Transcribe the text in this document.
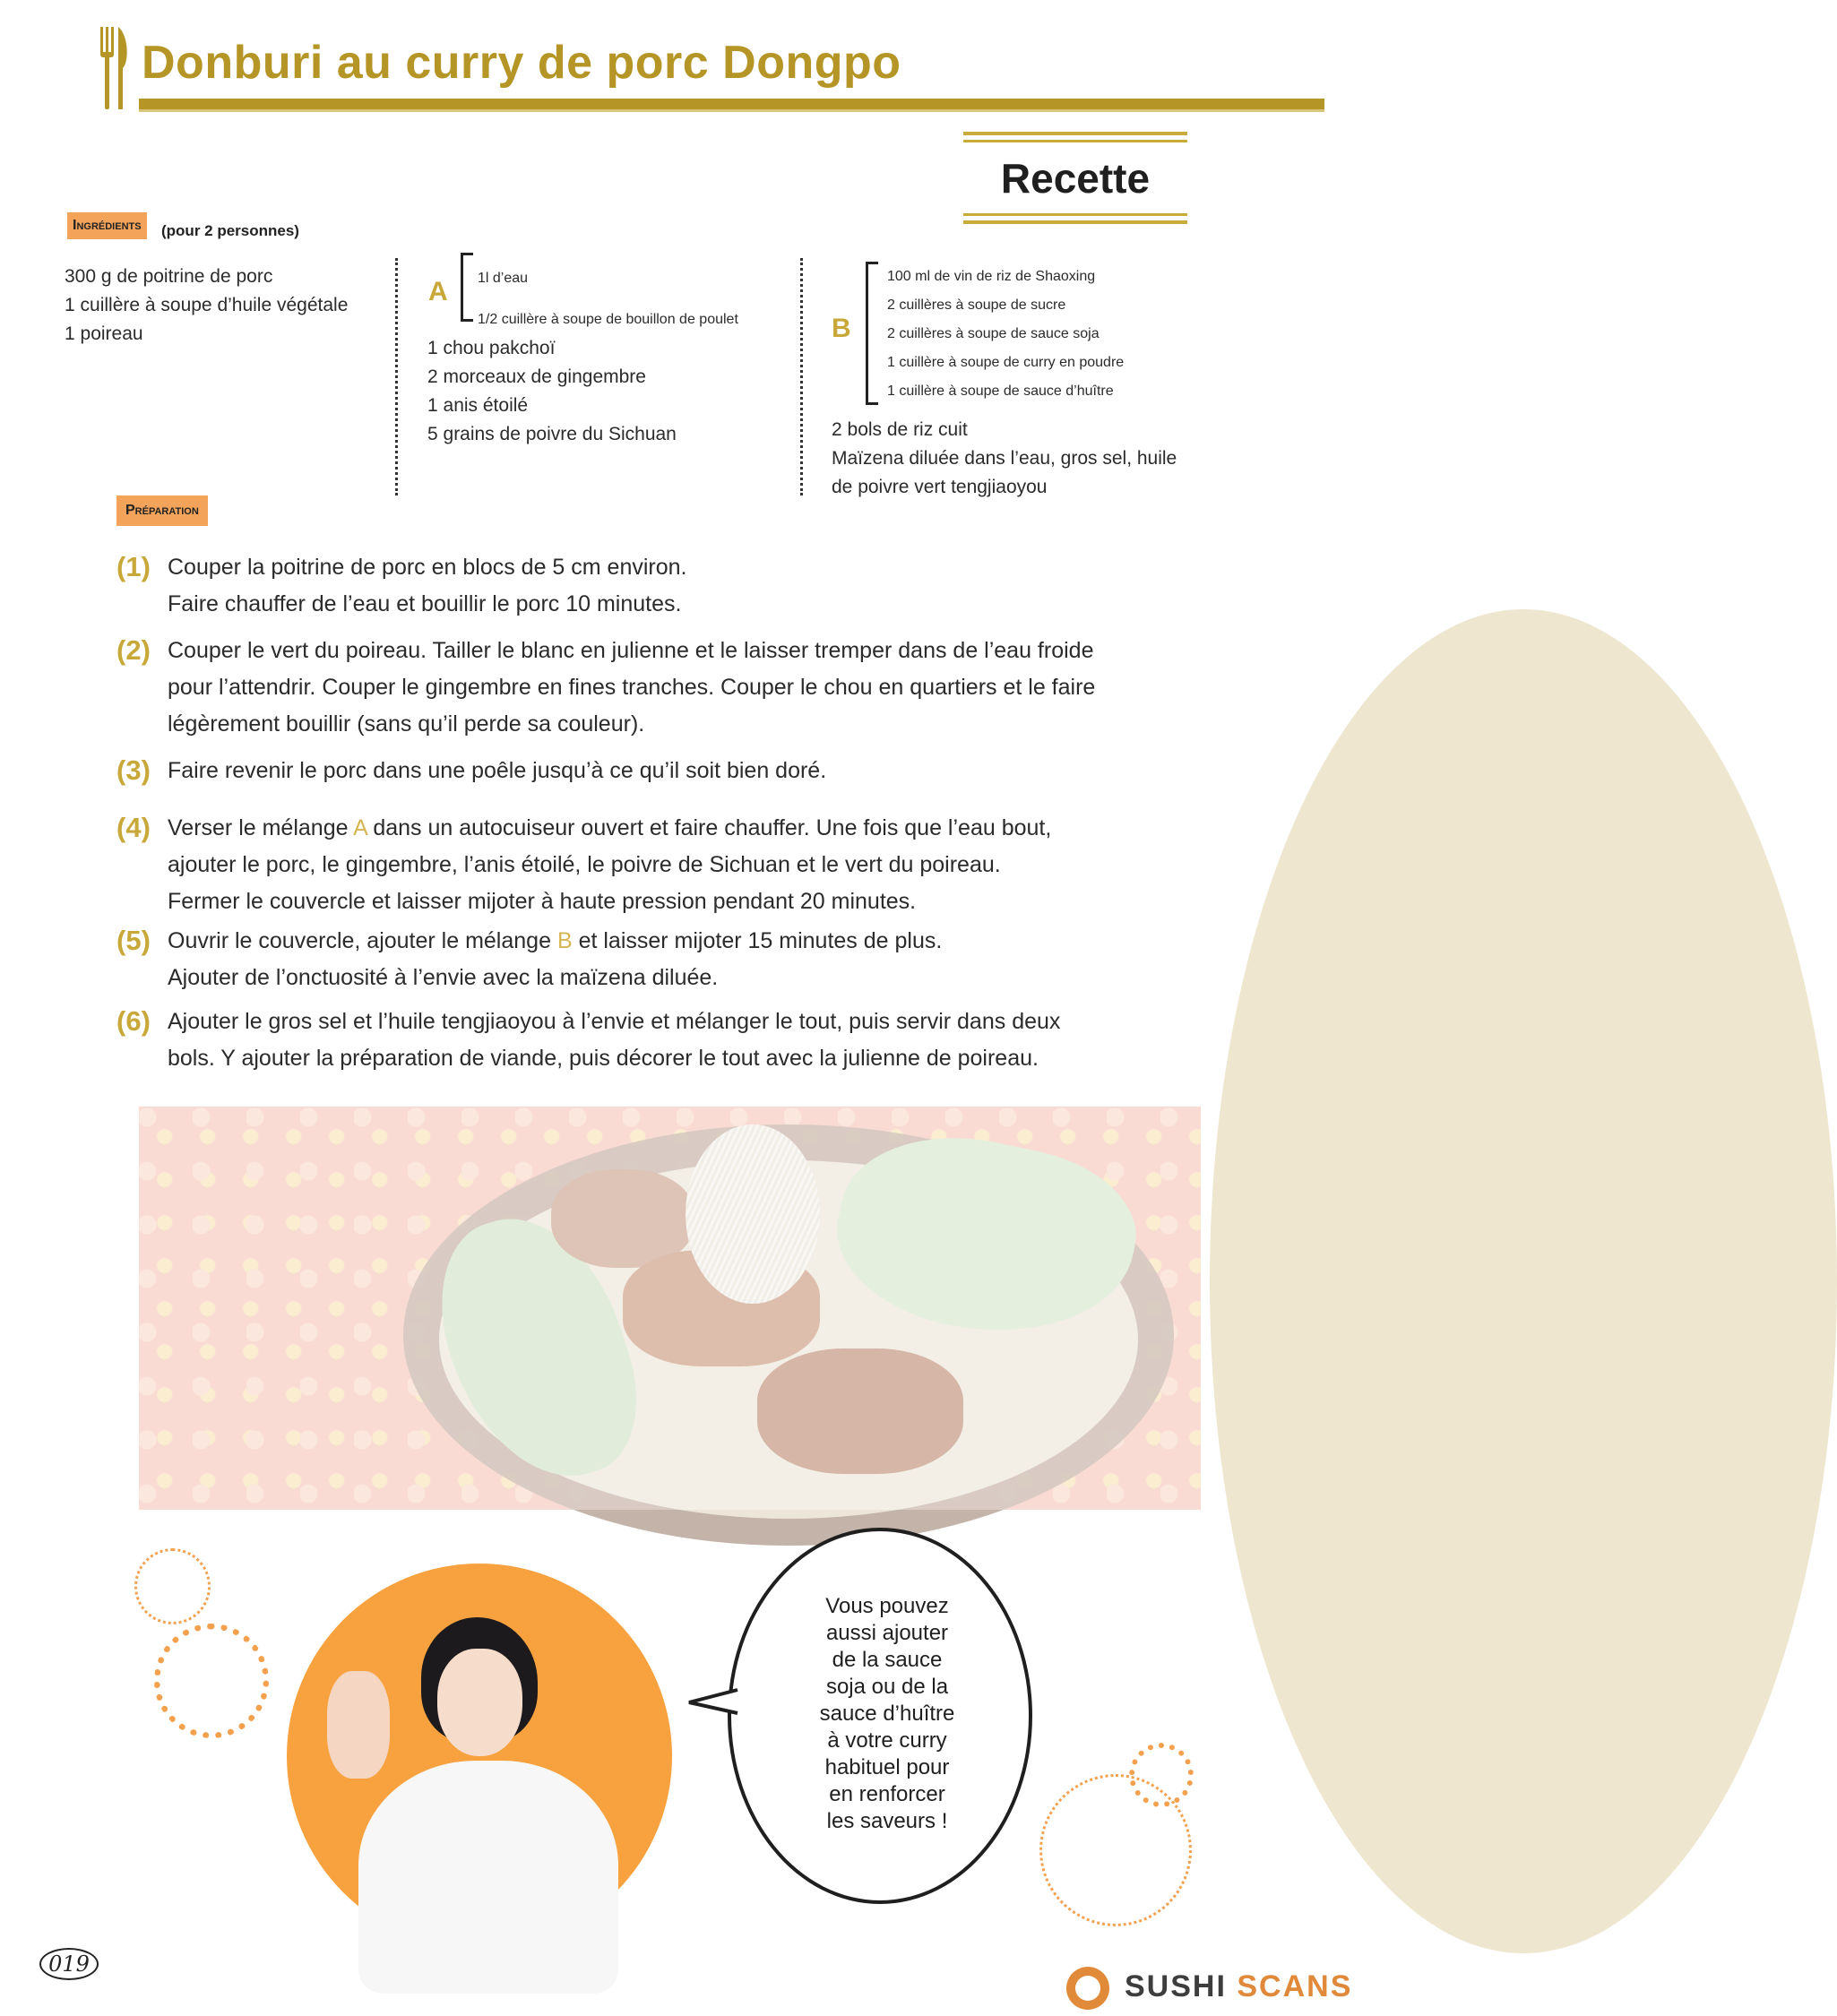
Donburi au curry de porc Dongpo
Recette
Ingrédients	(pour 2 personnes)
300 g de poitrine de porc
1 cuillère à soupe d’huile végétale
1 poireau
A 1l d’eau
1/2 cuillère à soupe de bouillon de poulet
1 chou pakchoï
2 morceaux de gingembre
1 anis étoilé
5 grains de poivre du Sichuan
B
100 ml de vin de riz de Shaoxing
2 cuillères à soupe de sucre
2 cuillères à soupe de sauce soja
1 cuillère à soupe de curry en poudre
1 cuillère à soupe de sauce d’huître
2 bols de riz cuit
Maïzena diluée dans l’eau, gros sel, huile
de poivre vert tengjiaoyou
Préparation
(1) Couper la poitrine de porc en blocs de 5 cm environ.
Faire chauffer de l’eau et bouillir le porc 10 minutes.
(2) Couper le vert du poireau. Tailler le blanc en julienne et le laisser tremper dans de l’eau froide
pour l’attendrir. Couper le gingembre en fines tranches. Couper le chou en quartiers et le faire
légèrement bouillir (sans qu’il perde sa couleur).
(3) Faire revenir le porc dans une poêle jusqu’à ce qu’il soit bien doré.
(4) Verser le mélange A dans un autocuiseur ouvert et faire chauffer. Une fois que l’eau bout,
ajouter le porc, le gingembre, l’anis étoilé, le poivre de Sichuan et le vert du poireau.
Fermer le couvercle et laisser mijoter à haute pression pendant 20 minutes.
(5) Ouvrir le couvercle, ajouter le mélange B et laisser mijoter 15 minutes de plus.
Ajouter de l’onctuosité à l’envie avec la maïzena diluée.
(6) Ajouter le gros sel et l’huile tengjiaoyou à l’envie et mélanger le tout, puis servir dans deux
bols. Y ajouter la préparation de viande, puis décorer le tout avec la julienne de poireau.
Vous pouvez
aussi ajouter
de la sauce
soja ou de la
sauce d’huître
à votre curry
habituel pour
en renforcer
les saveurs !
019
SUSHI SCANS
